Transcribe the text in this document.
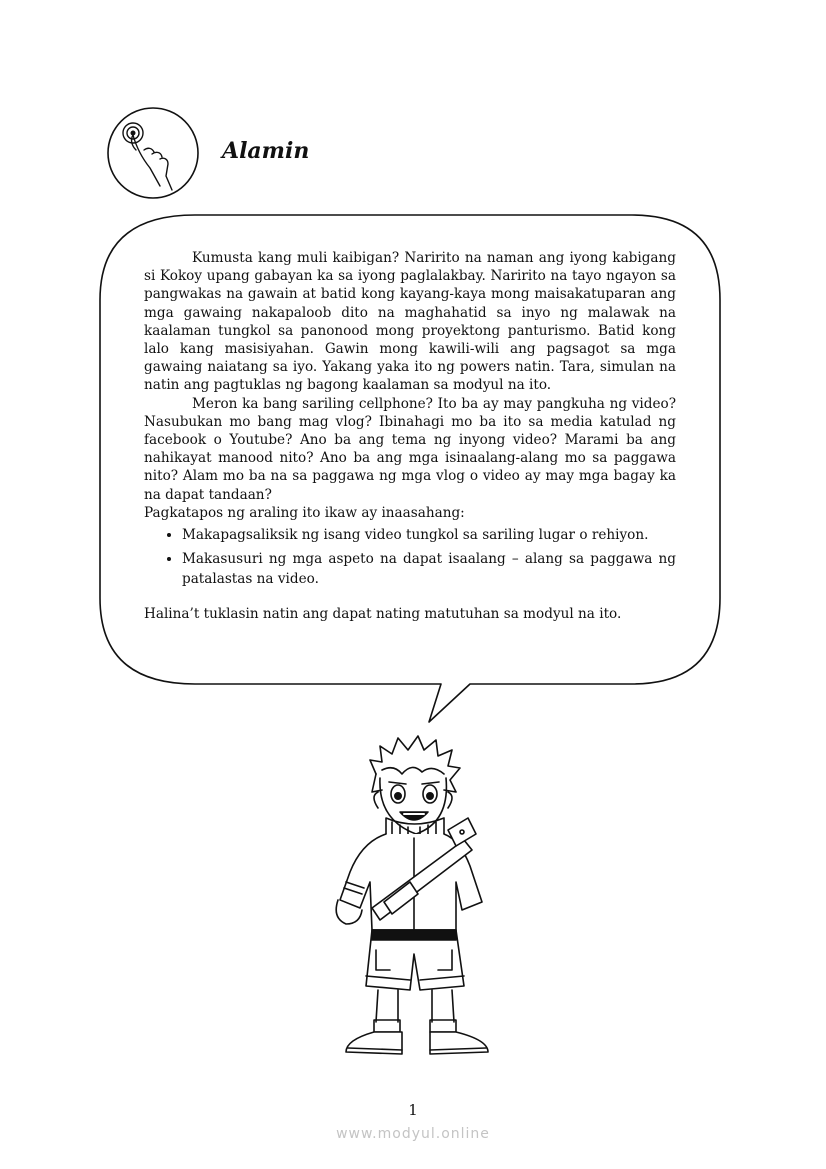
Alamin

Kumusta kang muli kaibigan? Naririto na naman ang iyong kabigang si Kokoy upang gabayan ka sa iyong paglalakbay. Naririto na tayo ngayon sa pangwakas na gawain at batid kong kayang-kaya mong maisakatuparan ang mga gawaing nakapaloob dito na maghahatid sa inyo ng malawak na kaalaman tungkol sa panonood mong proyektong panturismo. Batid kong lalo kang masisiyahan. Gawin mong kawili-wili ang pagsagot sa mga gawaing naiatang sa iyo. Yakang yaka ito ng powers natin. Tara, simulan na natin ang pagtuklas ng bagong kaalaman sa modyul na ito.

Meron ka bang sariling cellphone? Ito ba ay may pangkuha ng video? Nasubukan mo bang mag vlog? Ibinahagi mo ba ito sa media katulad ng facebook o Youtube? Ano ba ang tema ng inyong video? Marami ba ang nahikayat manood nito? Ano ba ang mga isinaalang-alang mo sa paggawa nito? Alam mo ba na sa paggawa ng mga vlog o video ay may mga bagay ka na dapat tandaan?

Pagkatapos ng araling ito ikaw ay inaasahang:

• Makapagsaliksik ng isang video tungkol sa sariling lugar o rehiyon.
• Makasusuri ng mga aspeto na dapat isaalang – alang sa paggawa ng patalastas na video.

Halina’t tuklasin natin ang dapat nating matutuhan sa modyul na ito.

1
www.modyul.online
